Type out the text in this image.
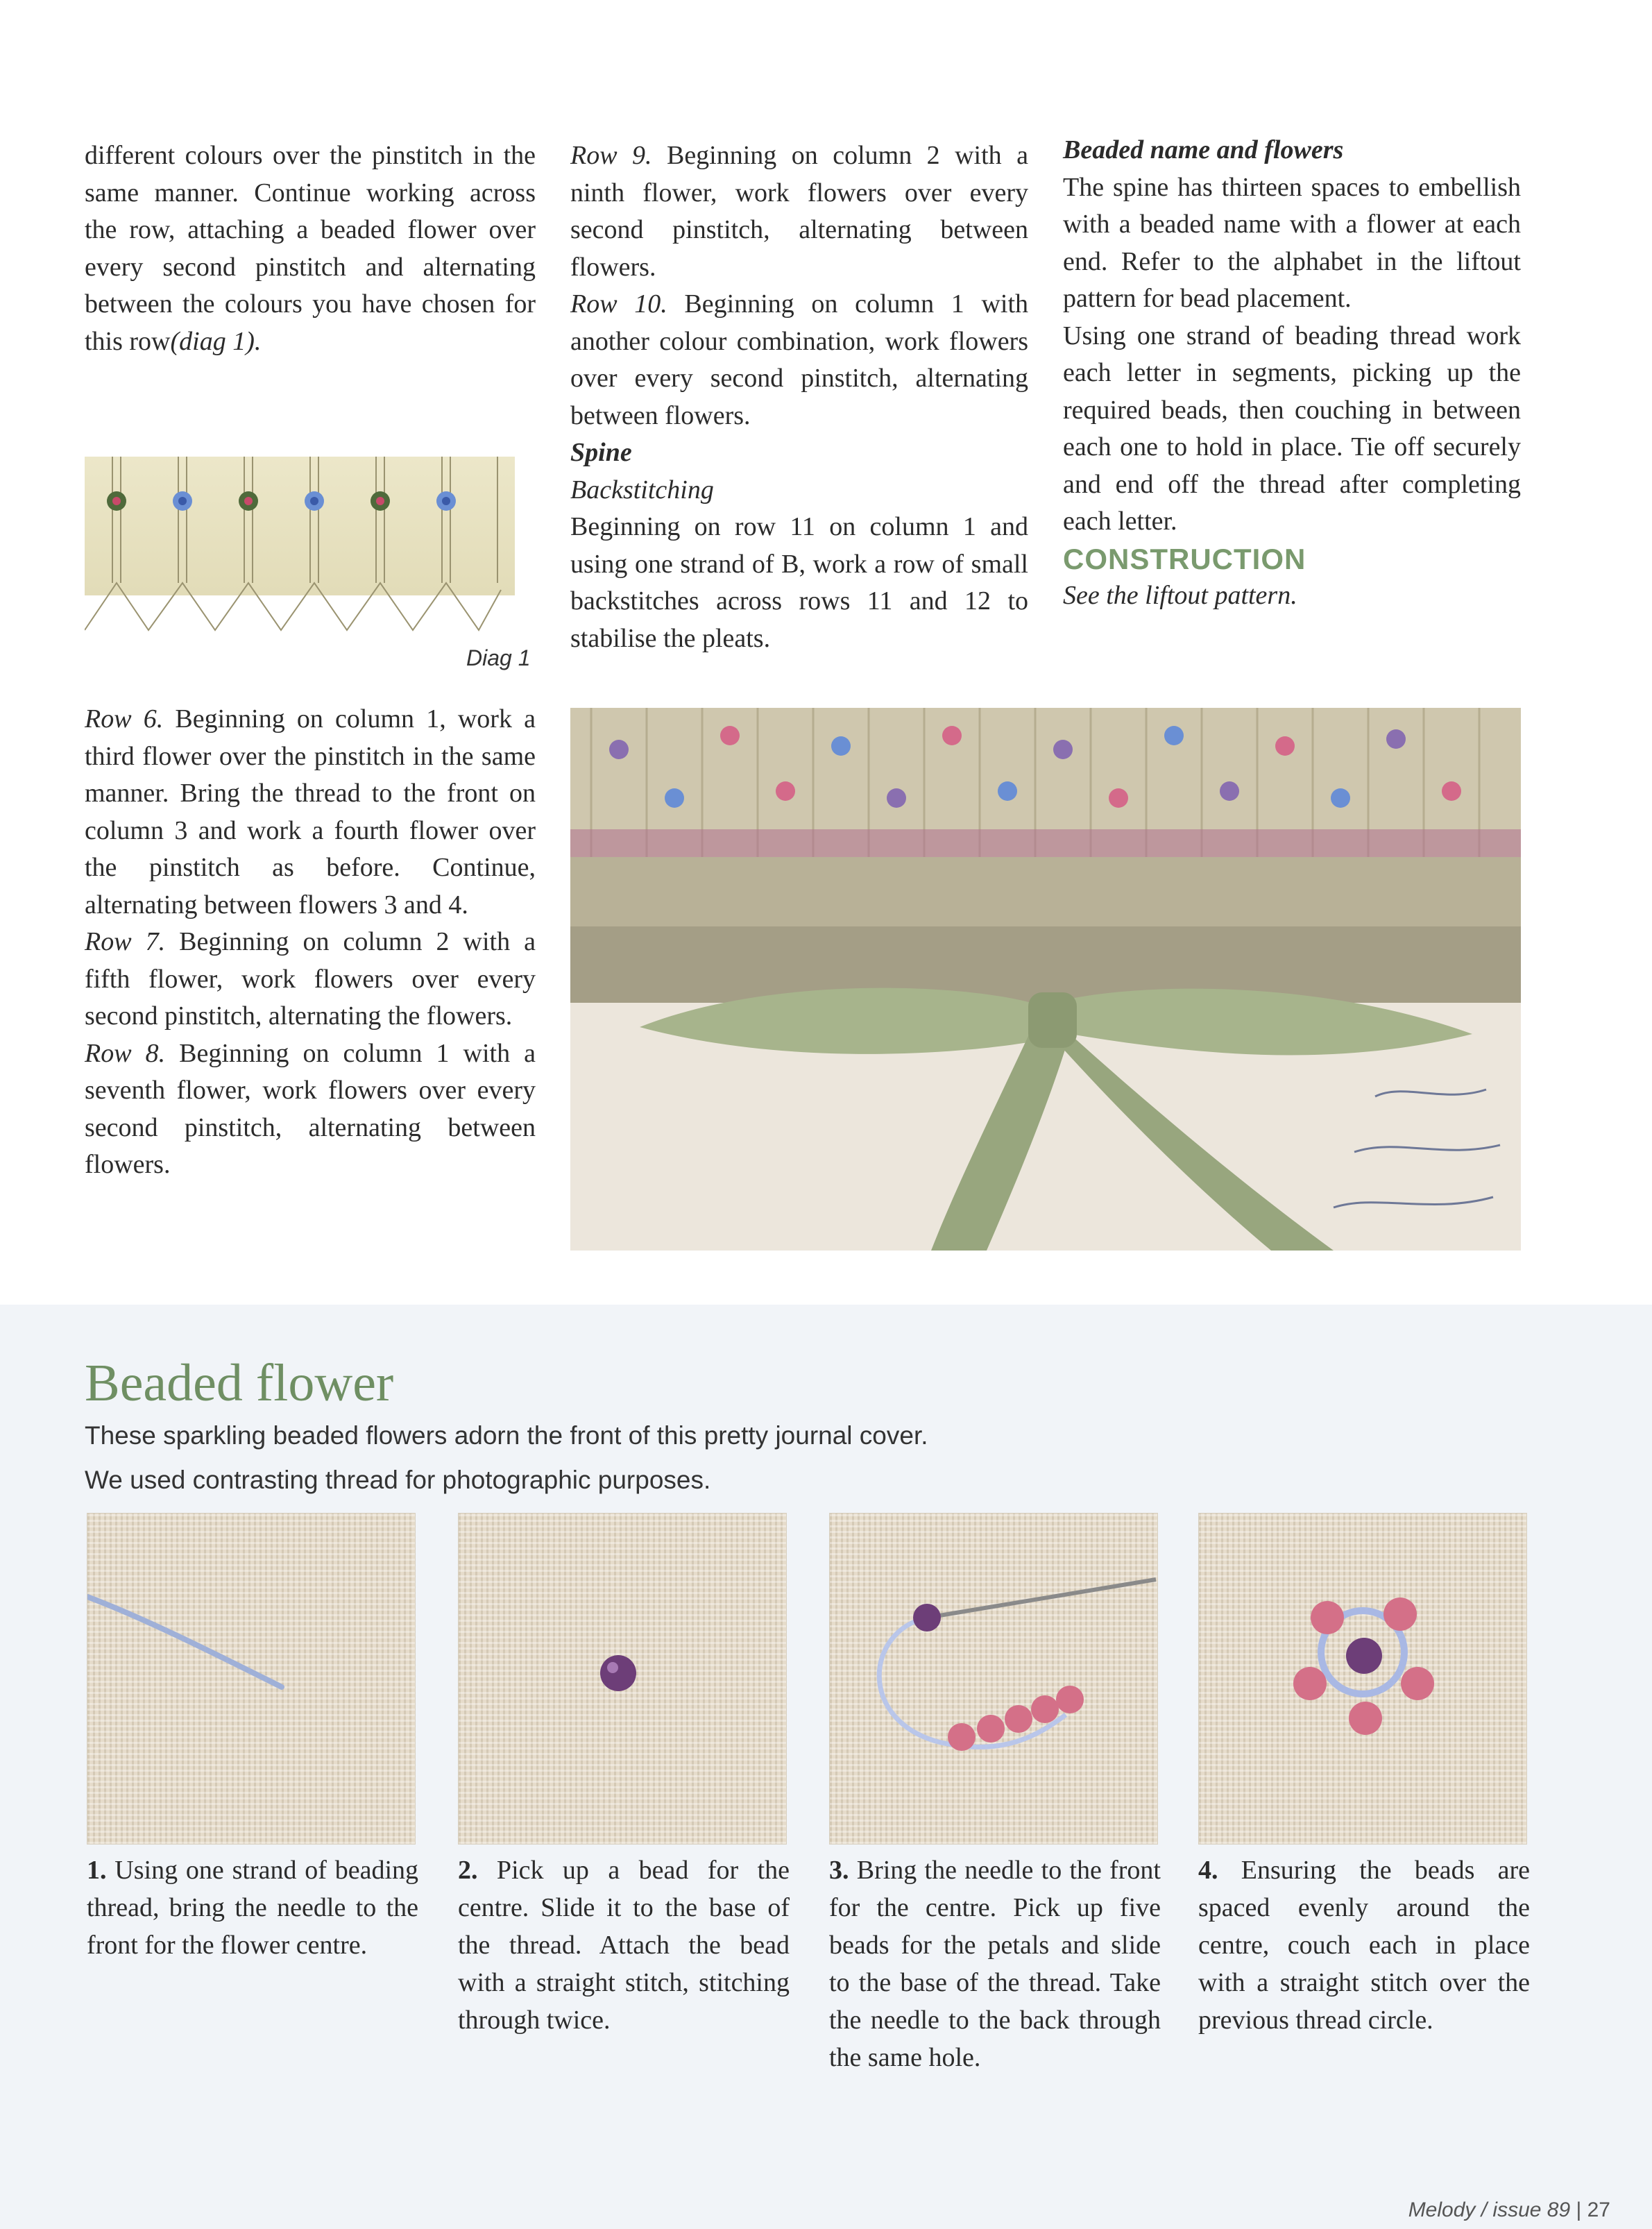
different colours over the pinstitch in the same manner. Continue working across the row, attaching a beaded flower over every second pinstitch and alternating between the colours you have chosen for this row(diag 1).

Diag 1

Row 6. Beginning on column 1, work a third flower over the pinstitch in the same manner. Bring the thread to the front on column 3 and work a fourth flower over the pinstitch as before. Continue, alternating between flowers 3 and 4.

Row 7. Beginning on column 2 with a fifth flower, work flowers over every second pinstitch, alternating the flowers.

Row 8. Beginning on column 1 with a seventh flower, work flowers over every second pinstitch, alternating between flowers.

Row 9. Beginning on column 2 with a ninth flower, work flowers over every second pinstitch, alternating between flowers.

Row 10. Beginning on column 1 with another colour combination, work flowers over every second pinstitch, alternating between flowers.

Spine

Backstitching

Beginning on row 11 on column 1 and using one strand of B, work a row of small backstitches across rows 11 and 12 to stabilise the pleats.

Beaded name and flowers

The spine has thirteen spaces to embellish with a beaded name with a flower at each end. Refer to the alphabet in the liftout pattern for bead placement.

Using one strand of beading thread work each letter in segments, picking up the required beads, then couching in between each one to hold in place. Tie off securely and end off the thread after completing each letter.

CONSTRUCTION

See the liftout pattern.

Beaded flower
These sparkling beaded flowers adorn the front of this pretty journal cover.
We used contrasting thread for photographic purposes.
1. Using one strand of beading thread, bring the needle to the front for the flower centre.
2. Pick up a bead for the centre. Slide it to the base of the thread. Attach the bead with a straight stitch, stitching through twice.
3. Bring the needle to the front for the centre. Pick up five beads for the petals and slide to the base of the thread. Take the needle to the back through the same hole.
4. Ensuring the beads are spaced evenly around the centre, couch each in place with a straight stitch over the previous thread circle.
Melody / issue 89 | 27
